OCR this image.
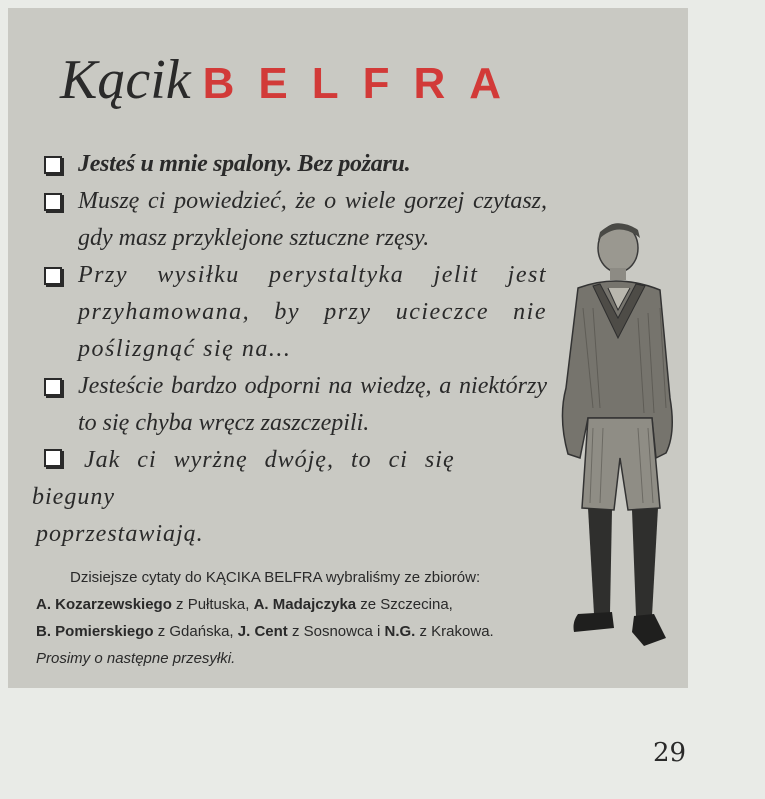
Kącik BELFRA
Jesteś u mnie spalony. Bez pożaru.
Muszę ci powiedzieć, że o wiele gorzej czytasz, gdy masz przyklejone sztuczne rzęsy.
Przy wysiłku perystaltyka jelit jest przyhamowana, by przy ucieczce nie poślizgnąć się na...
Jesteście bardzo odporni na wiedzę, a niektórzy to się chyba wręcz zaszczepili.
Jak ci wyrżnę dwóję, to ci się bieguny
poprzestawiają.
Dzisiejsze cytaty do KĄCIKA BELFRA wybraliśmy ze zbiorów:
A. Kozarzewskiego z Pułtuska, A. Madajczyka ze Szczecina,
B. Pomierskiego z Gdańska, J. Cent z Sosnowca i N.G. z Krakowa.
Prosimy o następne przesyłki.
29
